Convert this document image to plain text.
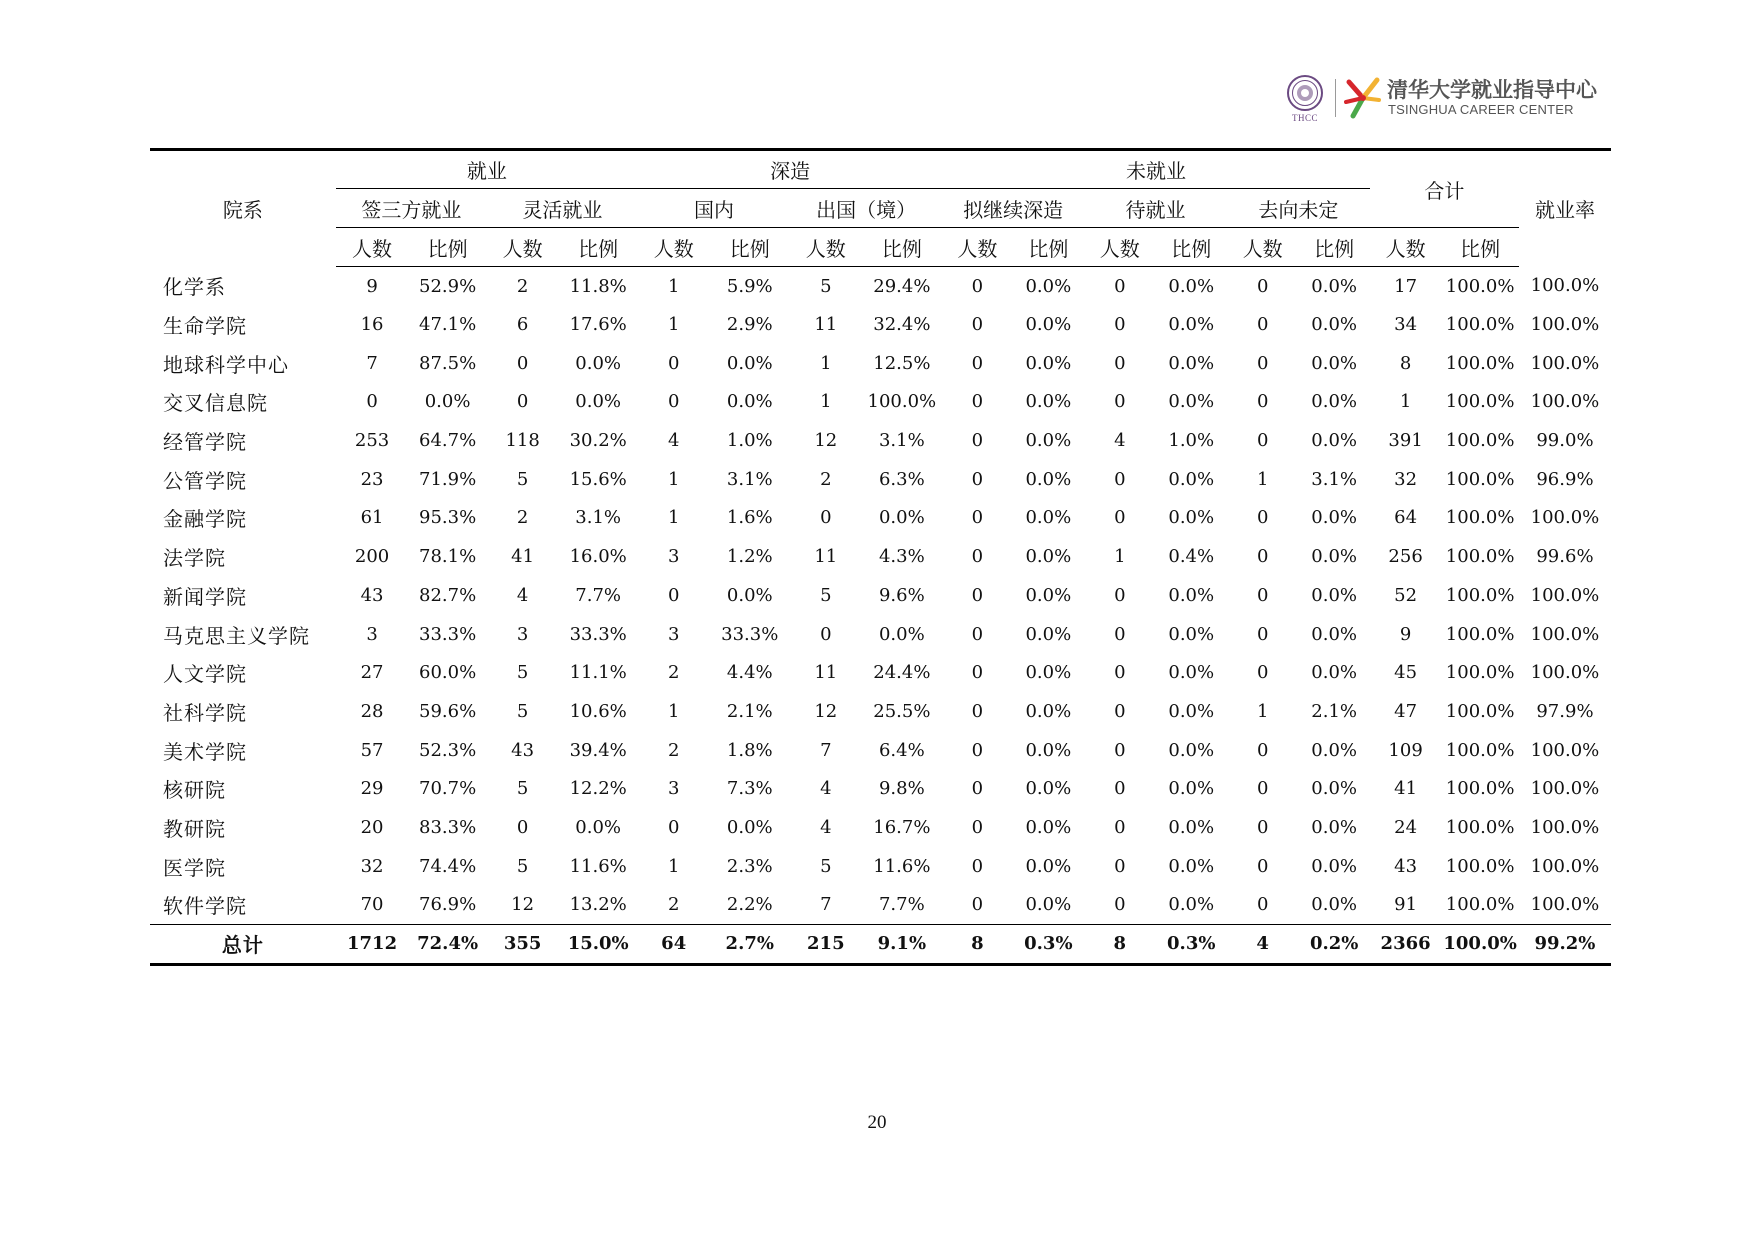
THCC
清华大学就业指导中心
TSINGHUA CAREER CENTER
院系	就业				深造				未就业						合计		就业率
	签三方就业		灵活就业		国内		出国（境）		拟继续深造		待就业		去向未定				
	人数	比例	人数	比例	人数	比例	人数	比例	人数	比例	人数	比例	人数	比例	人数	比例	
化学系	9	52.9%	2	11.8%	1	5.9%	5	29.4%	0	0.0%	0	0.0%	0	0.0%	17	100.0%	100.0%
生命学院	16	47.1%	6	17.6%	1	2.9%	11	32.4%	0	0.0%	0	0.0%	0	0.0%	34	100.0%	100.0%
地球科学中心	7	87.5%	0	0.0%	0	0.0%	1	12.5%	0	0.0%	0	0.0%	0	0.0%	8	100.0%	100.0%
交叉信息院	0	0.0%	0	0.0%	0	0.0%	1	100.0%	0	0.0%	0	0.0%	0	0.0%	1	100.0%	100.0%
经管学院	253	64.7%	118	30.2%	4	1.0%	12	3.1%	0	0.0%	4	1.0%	0	0.0%	391	100.0%	99.0%
公管学院	23	71.9%	5	15.6%	1	3.1%	2	6.3%	0	0.0%	0	0.0%	1	3.1%	32	100.0%	96.9%
金融学院	61	95.3%	2	3.1%	1	1.6%	0	0.0%	0	0.0%	0	0.0%	0	0.0%	64	100.0%	100.0%
法学院	200	78.1%	41	16.0%	3	1.2%	11	4.3%	0	0.0%	1	0.4%	0	0.0%	256	100.0%	99.6%
新闻学院	43	82.7%	4	7.7%	0	0.0%	5	9.6%	0	0.0%	0	0.0%	0	0.0%	52	100.0%	100.0%
马克思主义学院	3	33.3%	3	33.3%	3	33.3%	0	0.0%	0	0.0%	0	0.0%	0	0.0%	9	100.0%	100.0%
人文学院	27	60.0%	5	11.1%	2	4.4%	11	24.4%	0	0.0%	0	0.0%	0	0.0%	45	100.0%	100.0%
社科学院	28	59.6%	5	10.6%	1	2.1%	12	25.5%	0	0.0%	0	0.0%	1	2.1%	47	100.0%	97.9%
美术学院	57	52.3%	43	39.4%	2	1.8%	7	6.4%	0	0.0%	0	0.0%	0	0.0%	109	100.0%	100.0%
核研院	29	70.7%	5	12.2%	3	7.3%	4	9.8%	0	0.0%	0	0.0%	0	0.0%	41	100.0%	100.0%
教研院	20	83.3%	0	0.0%	0	0.0%	4	16.7%	0	0.0%	0	0.0%	0	0.0%	24	100.0%	100.0%
医学院	32	74.4%	5	11.6%	1	2.3%	5	11.6%	0	0.0%	0	0.0%	0	0.0%	43	100.0%	100.0%
软件学院	70	76.9%	12	13.2%	2	2.2%	7	7.7%	0	0.0%	0	0.0%	0	0.0%	91	100.0%	100.0%
总计	1712	72.4%	355	15.0%	64	2.7%	215	9.1%	8	0.3%	8	0.3%	4	0.2%	2366	100.0%	99.2%
20
